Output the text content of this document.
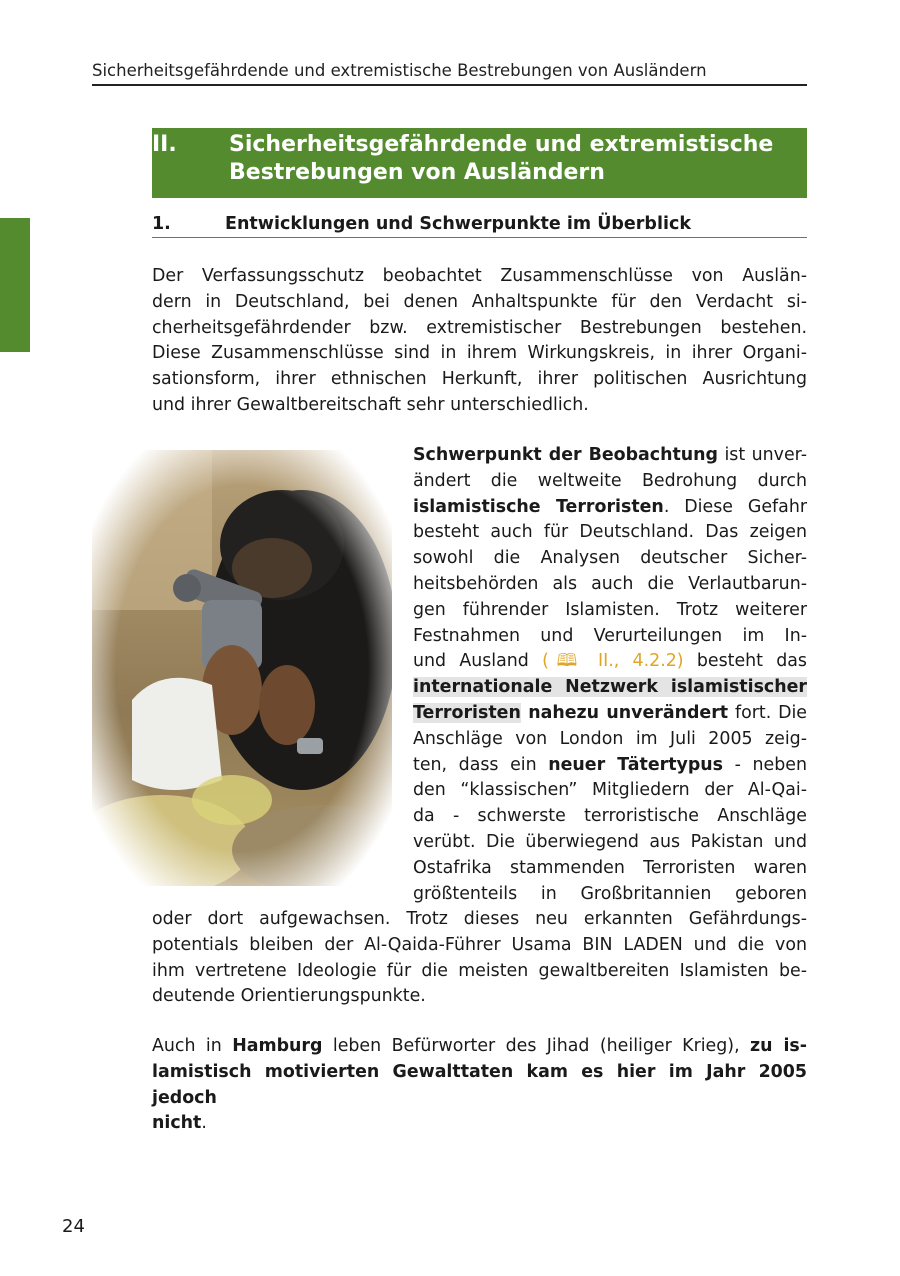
Sicherheitsgefährdende und extremistische Bestrebungen von Ausländern
II. Sicherheitsgefährdende und extremistische
Bestrebungen von Ausländern
1.	Entwicklungen und Schwerpunkte im Überblick
Der Verfassungsschutz beobachtet Zusammenschlüsse von Auslän-
dern in Deutschland, bei denen Anhaltspunkte für den Verdacht si-
cherheitsgefährdender bzw. extremistischer Bestrebungen bestehen.
Diese Zusammenschlüsse sind in ihrem Wirkungskreis, in ihrer Organi-
sationsform, ihrer ethnischen Herkunft, ihrer politischen Ausrichtung
und ihrer Gewaltbereitschaft sehr unterschiedlich.
Schwerpunkt der Beobachtung ist unver-
ändert die weltweite Bedrohung durch
islamistische Terroristen. Diese Gefahr
besteht auch für Deutschland. Das zeigen
sowohl die Analysen deutscher Sicher-
heitsbehörden als auch die Verlautbarun-
gen führender Islamisten. Trotz weiterer
Festnahmen und Verurteilungen im In-
und Ausland (🕮 II., 4.2.2) besteht das
internationale Netzwerk islamistischer
Terroristen nahezu unverändert fort. Die
Anschläge von London im Juli 2005 zeig-
ten, dass ein neuer Tätertypus - neben
den “klassischen” Mitgliedern der Al-Qai-
da - schwerste terroristische Anschläge
verübt. Die überwiegend aus Pakistan und
Ostafrika stammenden Terroristen waren
größtenteils in Großbritannien geboren
oder dort aufgewachsen. Trotz dieses neu erkannten Gefährdungs-
potentials bleiben der Al-Qaida-Führer Usama BIN LADEN und die von
ihm vertretene Ideologie für die meisten gewaltbereiten Islamisten be-
deutende Orientierungspunkte.
Auch in Hamburg leben Befürworter des Jihad (heiliger Krieg), zu is-
lamistisch motivierten Gewalttaten kam es hier im Jahr 2005 jedoch
nicht.
24
